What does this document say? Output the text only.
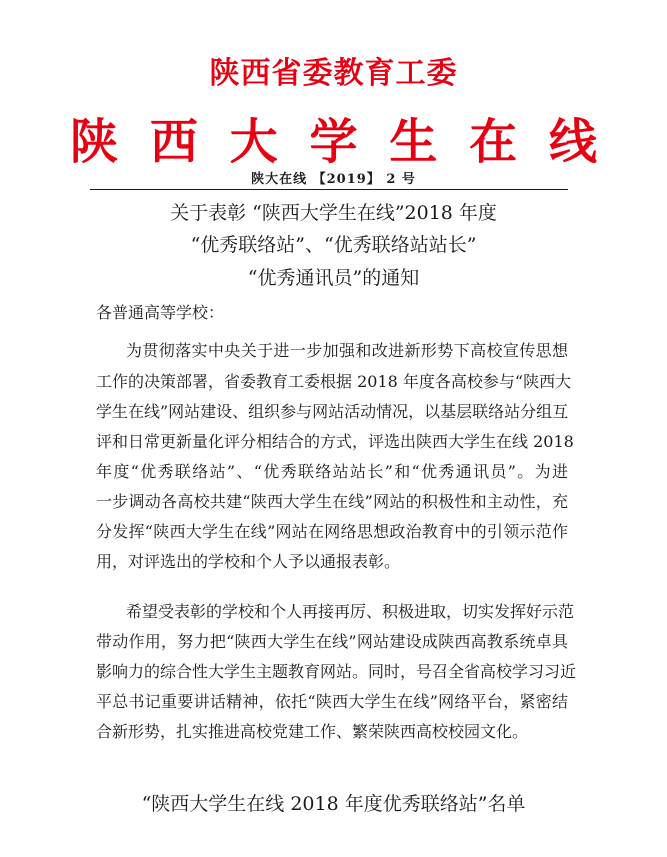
陕西省委教育工委
陕 西 大 学 生 在 线
陕大在线 【2019】 2 号
关于表彰 “陕西大学生在线”2018 年度
“优秀联络站”、“优秀联络站站长”
“优秀通讯员”的通知
各普通高等学校：
为贯彻落实中央关于进一步加强和改进新形势下高校宣传思想
工作的决策部署，省委教育工委根据 2018 年度各高校参与“陕西大
学生在线”网站建设、组织参与网站活动情况，以基层联络站分组互
评和日常更新量化评分相结合的方式，评选出陕西大学生在线 2018
年度“优秀联络站”、“优秀联络站站长”和“优秀通讯员”。为进
一步调动各高校共建“陕西大学生在线”网站的积极性和主动性，充
分发挥“陕西大学生在线”网站在网络思想政治教育中的引领示范作
用，对评选出的学校和个人予以通报表彰。
希望受表彰的学校和个人再接再厉、积极进取，切实发挥好示范
带动作用，努力把“陕西大学生在线”网站建设成陕西高教系统卓具
影响力的综合性大学生主题教育网站。同时，号召全省高校学习习近
平总书记重要讲话精神，依托“陕西大学生在线”网络平台，紧密结
合新形势，扎实推进高校党建工作、繁荣陕西高校校园文化。
“陕西大学生在线 2018 年度优秀联络站”名单
